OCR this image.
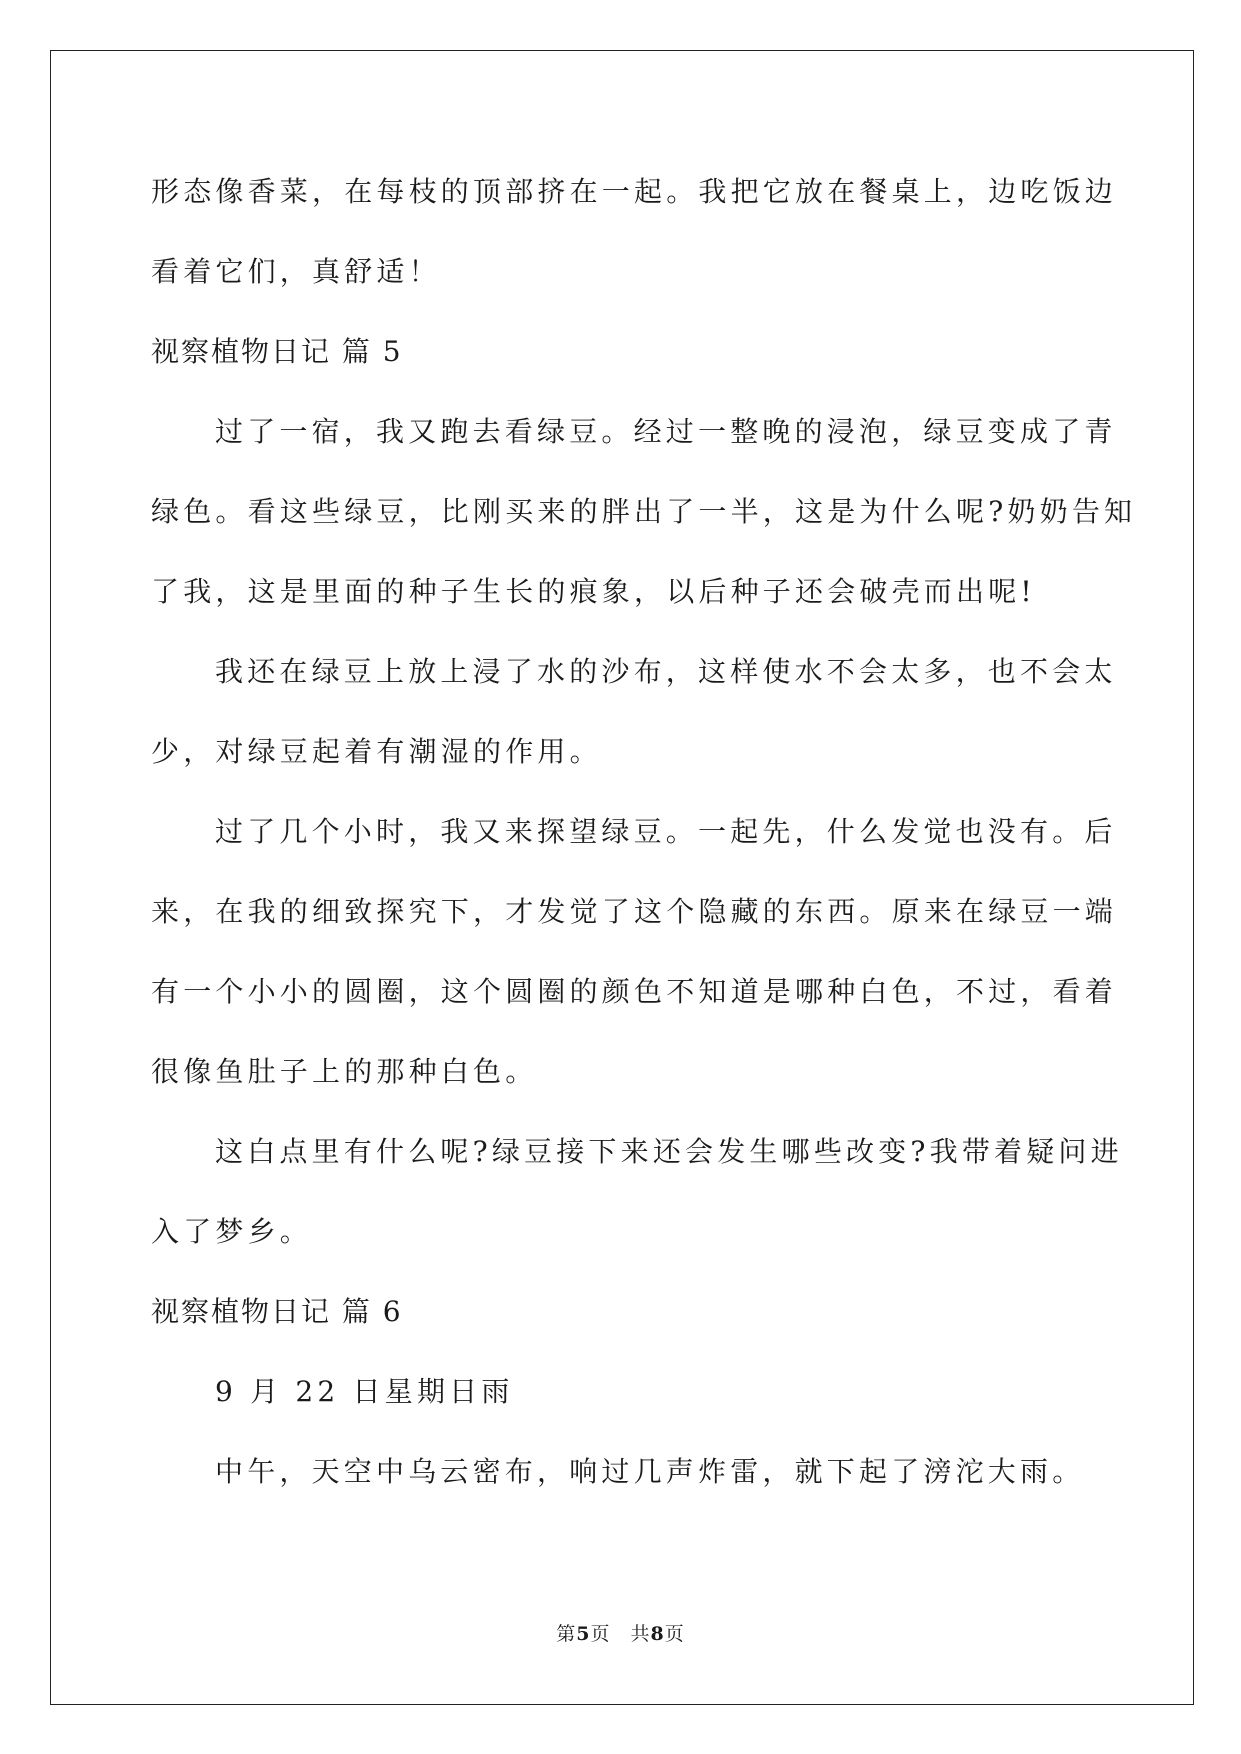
形态像香菜，在每枝的顶部挤在一起。我把它放在餐桌上，边吃饭边
看着它们，真舒适！
视察植物日记 篇 5
过了一宿，我又跑去看绿豆。经过一整晚的浸泡，绿豆变成了青
绿色。看这些绿豆，比刚买来的胖出了一半，这是为什么呢?奶奶告知
了我，这是里面的种子生长的痕象，以后种子还会破壳而出呢!
我还在绿豆上放上浸了水的沙布，这样使水不会太多，也不会太
少，对绿豆起着有潮湿的作用。
过了几个小时，我又来探望绿豆。一起先，什么发觉也没有。后
来，在我的细致探究下，才发觉了这个隐藏的东西。原来在绿豆一端
有一个小小的圆圈，这个圆圈的颜色不知道是哪种白色，不过，看着
很像鱼肚子上的那种白色。
这白点里有什么呢?绿豆接下来还会发生哪些改变?我带着疑问进
入了梦乡。
视察植物日记 篇 6
9 月 22 日星期日雨
中午，天空中乌云密布，响过几声炸雷，就下起了滂沱大雨。
第5页　共8页
